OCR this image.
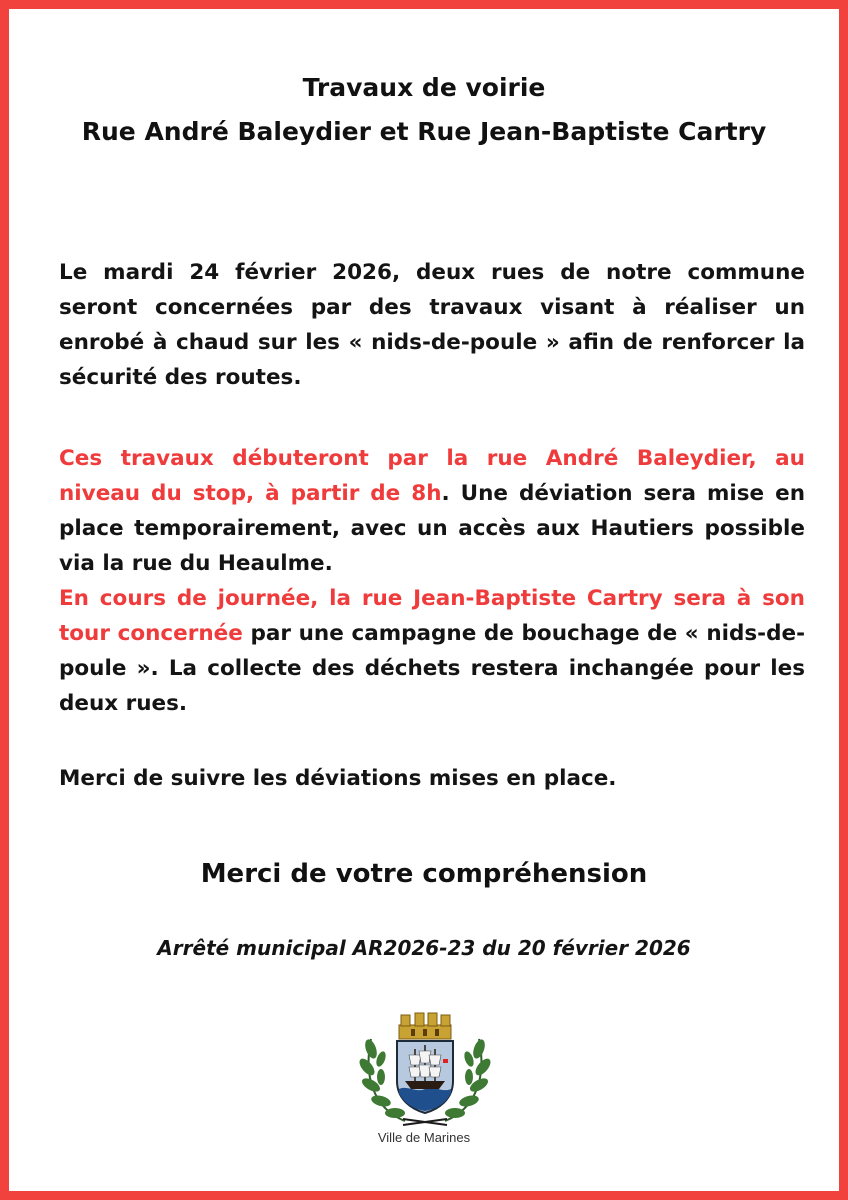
Travaux de voirie
Rue André Baleydier et Rue Jean-Baptiste Cartry

Le mardi 24 février 2026, deux rues de notre commune seront concernées par des travaux visant à réaliser un enrobé à chaud sur les « nids-de-poule » afin de renforcer la sécurité des routes.

Ces travaux débuteront par la rue André Baleydier, au niveau du stop, à partir de 8h. Une déviation sera mise en place temporairement, avec un accès aux Hautiers possible via la rue du Heaulme.
En cours de journée, la rue Jean-Baptiste Cartry sera à son tour concernée par une campagne de bouchage de « nids-de-poule ». La collecte des déchets restera inchangée pour les deux rues.

Merci de suivre les déviations mises en place.

Merci de votre compréhension
Arrêté municipal AR2026-23 du 20 février 2026
Ville de Marines
